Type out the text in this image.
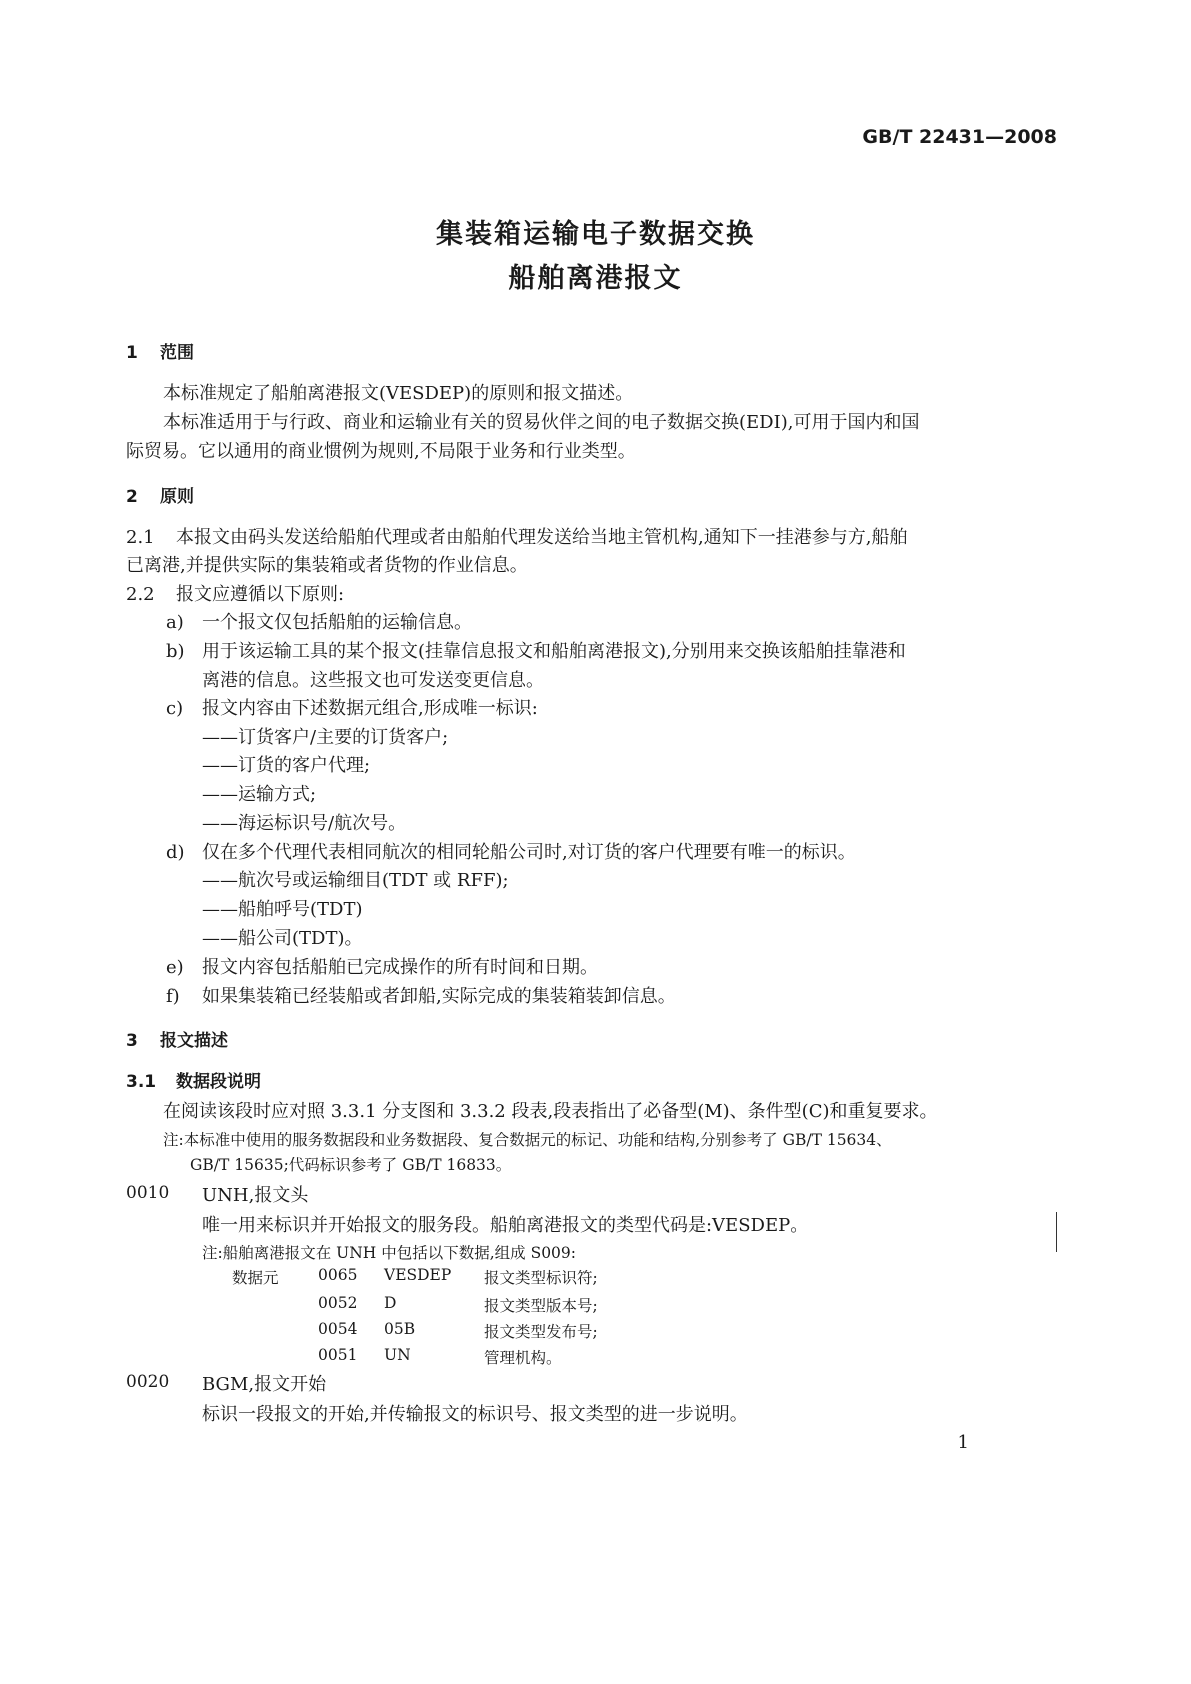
GB/T 22431—2008
集装箱运输电子数据交换
船舶离港报文
1 范围
本标准规定了船舶离港报文(VESDEP)的原则和报文描述。
本标准适用于与行政、商业和运输业有关的贸易伙伴之间的电子数据交换(EDI),可用于国内和国
际贸易。它以通用的商业惯例为规则,不局限于业务和行业类型。
2 原则
2.1 本报文由码头发送给船舶代理或者由船舶代理发送给当地主管机构,通知下一挂港参与方,船舶
已离港,并提供实际的集装箱或者货物的作业信息。
2.2 报文应遵循以下原则:
a) 一个报文仅包括船舶的运输信息。
b) 用于该运输工具的某个报文(挂靠信息报文和船舶离港报文),分别用来交换该船舶挂靠港和
离港的信息。这些报文也可发送变更信息。
c) 报文内容由下述数据元组合,形成唯一标识:
——订货客户/主要的订货客户;
——订货的客户代理;
——运输方式;
——海运标识号/航次号。
d) 仅在多个代理代表相同航次的相同轮船公司时,对订货的客户代理要有唯一的标识。
——航次号或运输细目(TDT 或 RFF);
——船舶呼号(TDT)
——船公司(TDT)。
e) 报文内容包括船舶已完成操作的所有时间和日期。
f) 如果集装箱已经装船或者卸船,实际完成的集装箱装卸信息。
3 报文描述
3.1 数据段说明
在阅读该段时应对照 3.3.1 分支图和 3.3.2 段表,段表指出了必备型(M)、条件型(C)和重复要求。
注:本标准中使用的服务数据段和业务数据段、复合数据元的标记、功能和结构,分别参考了 GB/T 15634、
GB/T 15635;代码标识参考了 GB/T 16833。
0010 UNH,报文头
唯一用来标识并开始报文的服务段。船舶离港报文的类型代码是:VESDEP。
注:船舶离港报文在 UNH 中包括以下数据,组成 S009:
数据元	0065 VESDEP 报文类型标识符;
0052 D	报文类型版本号;
0054 05B	报文类型发布号;
0051 UN	管理机构。
0020 BGM,报文开始
标识一段报文的开始,并传输报文的标识号、报文类型的进一步说明。
1
